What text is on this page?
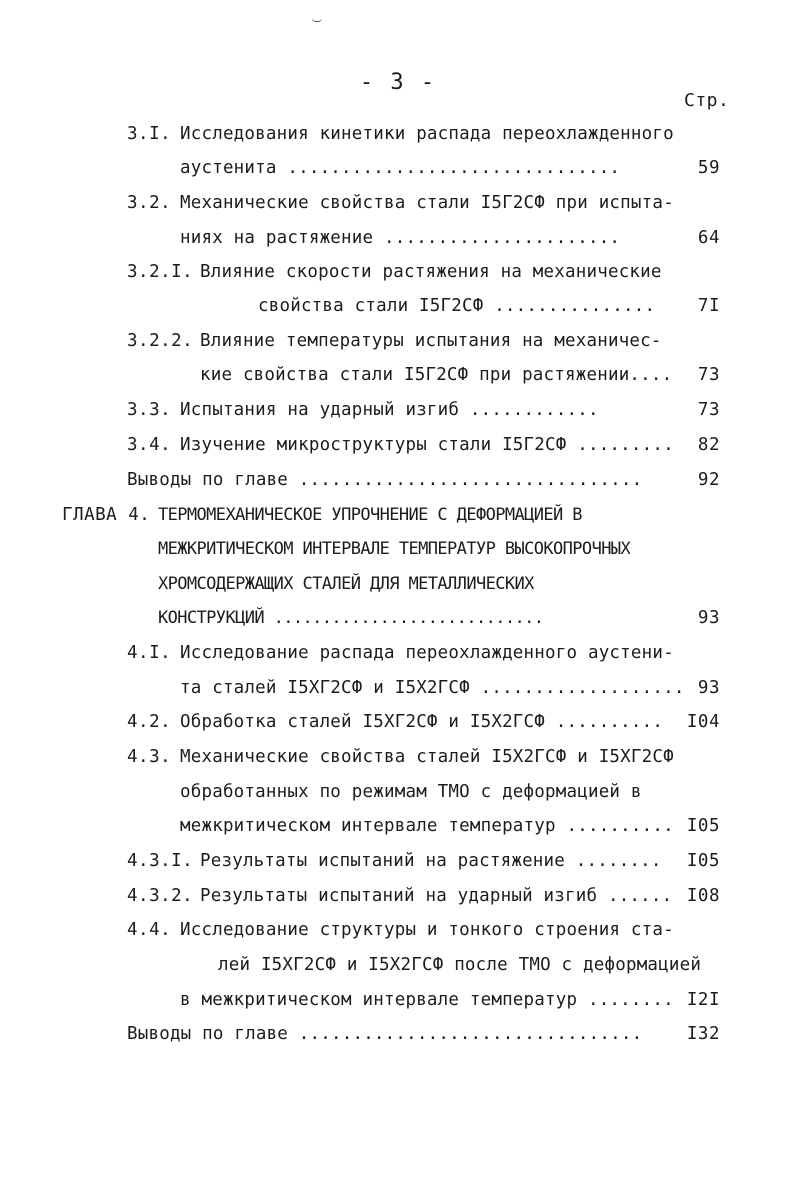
- 3 -
Стр.
3.I. Исследования кинетики распада переохлажденного
аустенита ...............................	59
3.2. Механические свойства стали I5Г2СФ при испыта-
ниях на растяжение ......................	64
3.2.I. Влияние скорости растяжения на механические
свойства стали I5Г2СФ ...............	7I
3.2.2. Влияние температуры испытания на механичес-
кие свойства стали I5Г2СФ при растяжении....	73
3.3. Испытания на ударный изгиб ............	73
3.4. Изучение микроструктуры стали I5Г2СФ .........	82
Выводы по главе ................................	92
ГЛАВА 4. ТЕРМОМЕХАНИЧЕСКОЕ УПРОЧНЕНИЕ С ДЕФОРМАЦИЕЙ В
МЕЖКРИТИЧЕСКОМ ИНТЕРВАЛЕ ТЕМПЕРАТУР ВЫСОКОПРОЧНЫХ
ХРОМСОДЕРЖАЩИХ СТАЛЕЙ ДЛЯ МЕТАЛЛИЧЕСКИХ
КОНСТРУКЦИЙ ............................	93
4.I. Исследование распада переохлажденного аустени-
та сталей I5ХГ2СФ и I5Х2ГСФ ................... 93
4.2. Обработка сталей I5ХГ2СФ и I5Х2ГСФ ..........	I04
4.3. Механические свойства сталей I5Х2ГСФ и I5ХГ2СФ
обработанных по режимам ТМО с деформацией в
межкритическом интервале температур .......... I05
4.3.I. Результаты испытаний на растяжение ........	I05
4.3.2. Результаты испытаний на ударный изгиб ...... I08
4.4. Исследование структуры и тонкого строения ста-
лей I5ХГ2СФ и I5Х2ГСФ после ТМО с деформацией
в межкритическом интервале температур ........ I2I
Выводы по главе ................................	I32
